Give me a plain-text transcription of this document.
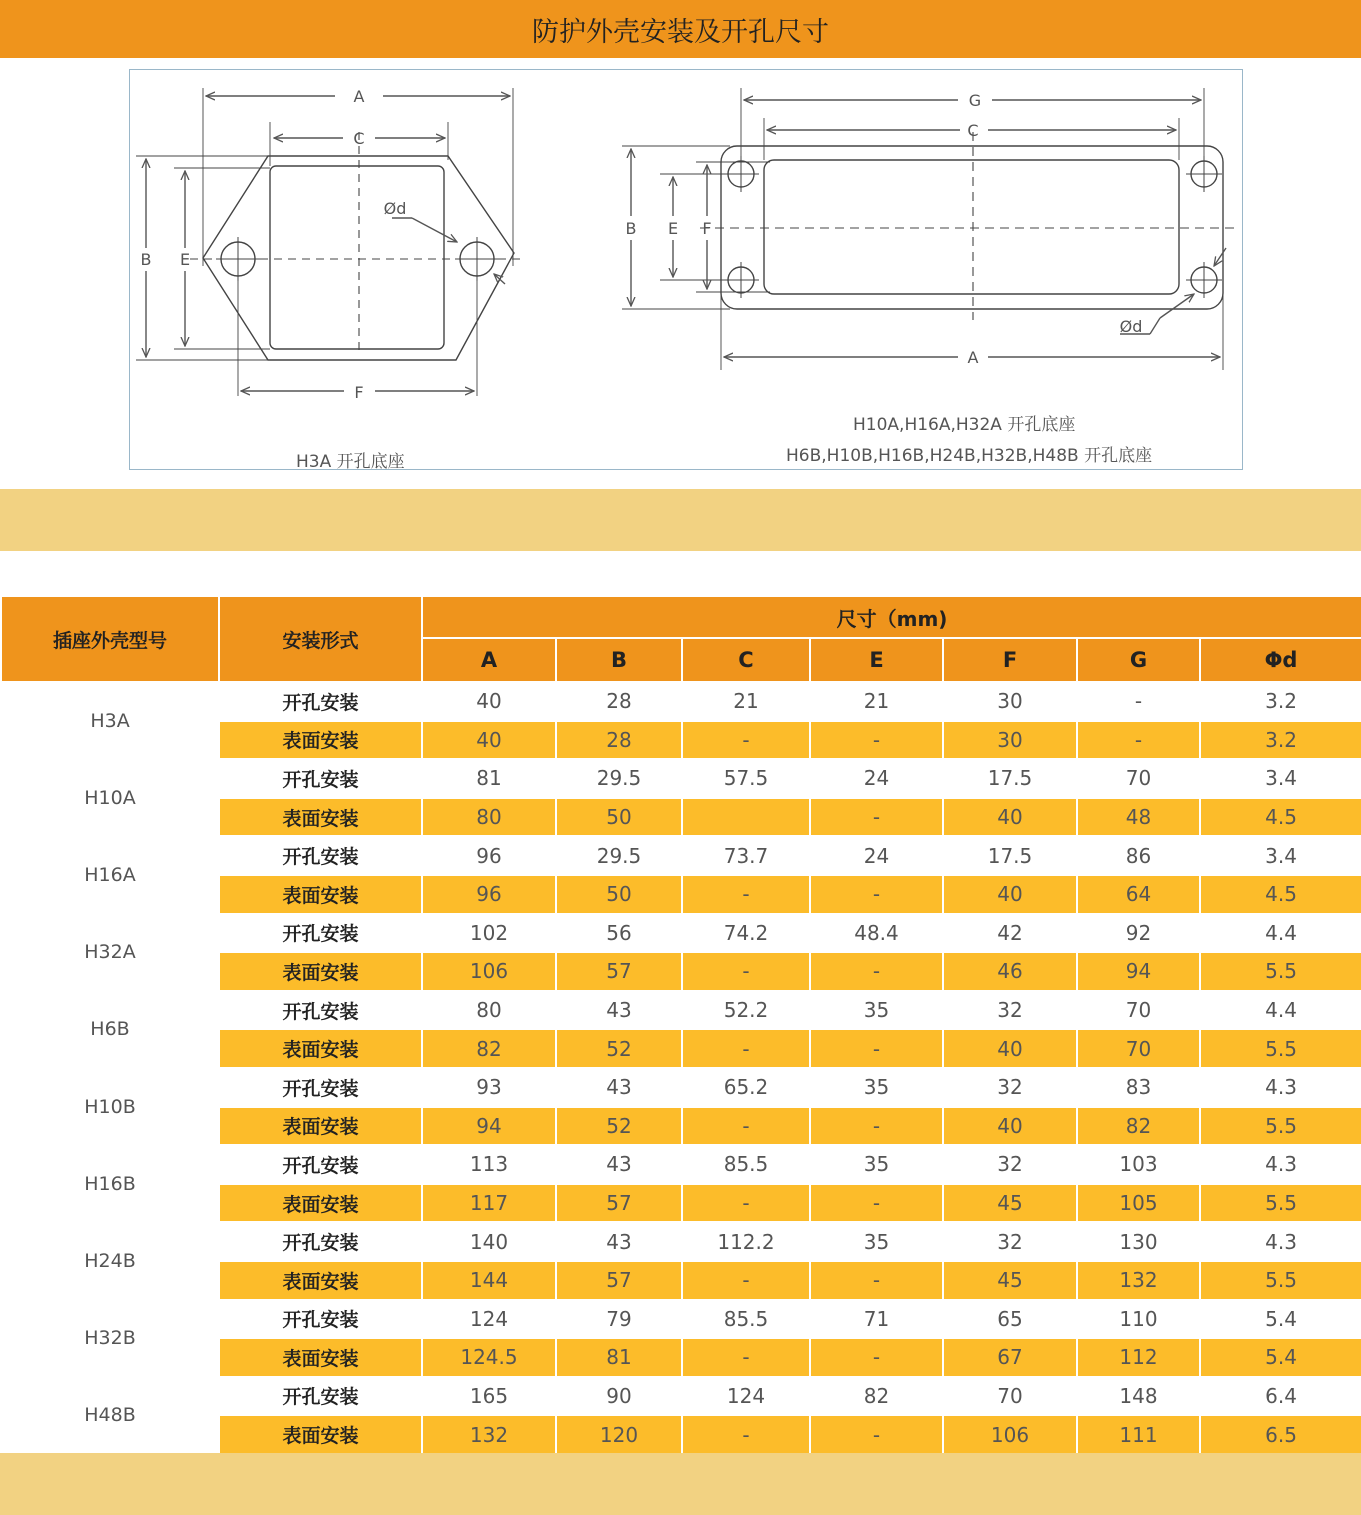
防护外壳安装及开孔尺寸
A
C
F
B E
Ød
G
C
A
B E F
Ød
H3A 开孔底座
H10A,H16A,H32A 开孔底座
H6B,H10B,H16B,H24B,H32B,H48B 开孔底座
插座外壳型号	安装形式	尺寸（mm)						
		A	B	C	E	F	G	Φd
H3A	开孔安装	40	28	21	21	30	-	3.2
	表面安装	40	28	-	-	30	-	3.2
H10A	开孔安装	81	29.5	57.5	24	17.5	70	3.4
	表面安装	80	50		-	40	48	4.5
H16A	开孔安装	96	29.5	73.7	24	17.5	86	3.4
	表面安装	96	50	-	-	40	64	4.5
H32A	开孔安装	102	56	74.2	48.4	42	92	4.4
	表面安装	106	57	-	-	46	94	5.5
H6B	开孔安装	80	43	52.2	35	32	70	4.4
	表面安装	82	52	-	-	40	70	5.5
H10B	开孔安装	93	43	65.2	35	32	83	4.3
	表面安装	94	52	-	-	40	82	5.5
H16B	开孔安装	113	43	85.5	35	32	103	4.3
	表面安装	117	57	-	-	45	105	5.5
H24B	开孔安装	140	43	112.2	35	32	130	4.3
	表面安装	144	57	-	-	45	132	5.5
H32B	开孔安装	124	79	85.5	71	65	110	5.4
	表面安装	124.5	81	-	-	67	112	5.4
H48B	开孔安装	165	90	124	82	70	148	6.4
	表面安装	132	120	-	-	106	111	6.5
